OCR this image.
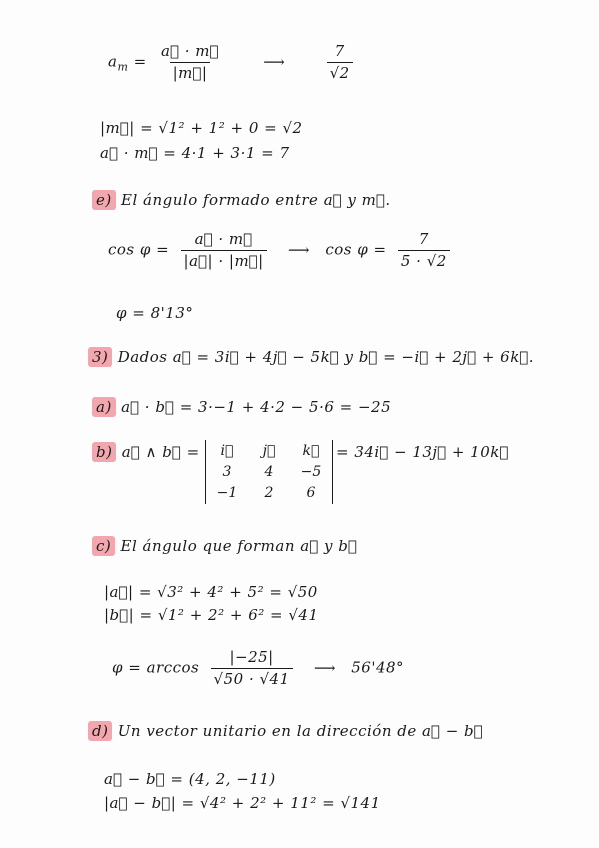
$a_m = \frac{a⃗ \cdot m⃗}{|m⃗|}$	⟶	$\frac{7}{√2}$
|m⃗| = √1² + 1² + 0 = √2
a⃗ · m⃗ = 4·1 + 3·1 = 7
e) El ángulo formado entre a⃗ y m⃗.
$\cos \varphi = \frac{a⃗ \cdot m⃗}{|a⃗| \cdot |m⃗|}$ ⟶ $\cos \varphi = \frac{7}{5 \cdot √2}$
φ = 8'13°
3) Dados a⃗ = 3i⃗ + 4j⃗ − 5k⃗ y b⃗ = −i⃗ + 2j⃗ + 6k⃗.
a) a⃗ · b⃗ = 3·−1 + 4·2 − 5·6 = −25
b) a⃗ ∧ b⃗ =	i⃗	j⃗	k⃗
3	4	−5
−1	2	6
= 34i⃗ − 13j⃗ + 10k⃗
c) El ángulo que forman a⃗ y b⃗
|a⃗| = √3² + 4² + 5² = √50
|b⃗| = √1² + 2² + 6² = √41
$\varphi = \arccos \frac{|-25|}{√50 \cdot √41}$ ⟶ 56'48°
d) Un vector unitario en la dirección de a⃗ − b⃗
a⃗ − b⃗ = (4, 2, −11)
|a⃗ − b⃗| = √4² + 2² + 11² = √141
